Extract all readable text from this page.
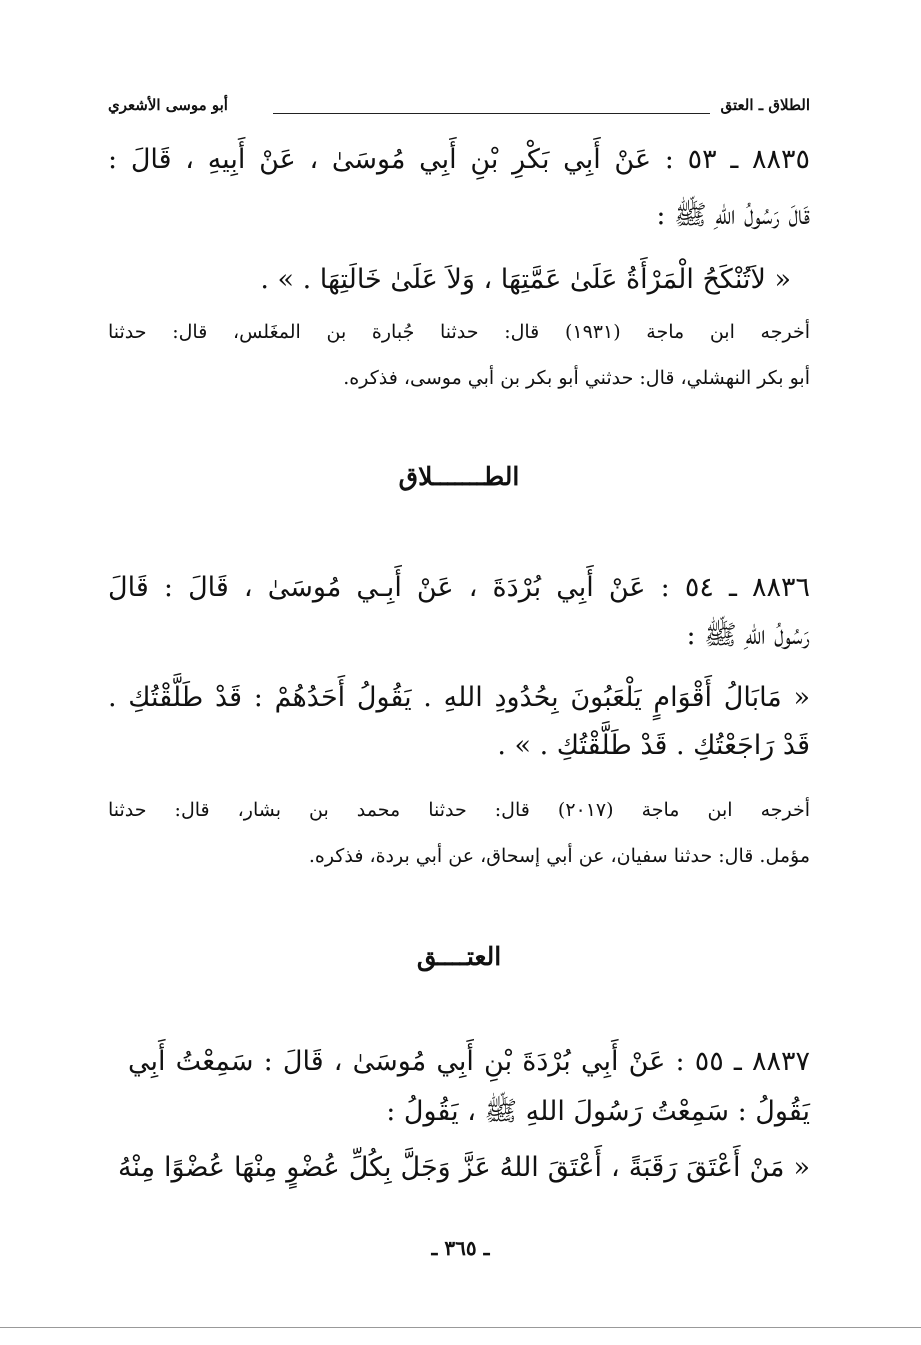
الطلاق ـ العتق
أبو موسى الأشعري
٨٨٣٥ ـ ٥٣ : عَنْ أَبِي بَكْرِ بْنِ أَبِي مُوسَىٰ ، عَنْ أَبِيهِ ، قَالَ :
قَالَ رَسُولُ اللهِ ﷺ :
« لاَتُنْكَحُ الْمَرْأَةُ عَلَىٰ عَمَّتِهَا ، وَلاَ عَلَىٰ خَالَتِهَا . » .
أخرجه ابن ماجة (١٩٣١) قال: حدثنا جُبارة بن المغَلس، قال: حدثنا
أبو بكر النهشلي، قال: حدثني أبو بكر بن أبي موسى، فذكره.
الطـــــــلاق
٨٨٣٦ ـ ٥٤ : عَنْ أَبِي بُرْدَةَ ، عَنْ أَبِـي مُوسَىٰ ، قَالَ : قَالَ
رَسُولُ اللهِ ﷺ :
« مَابَالُ أَقْوَامٍ يَلْعَبُونَ بِحُدُودِ اللهِ . يَقُولُ أَحَدُهُمْ : قَدْ طَلَّقْتُكِ .
قَدْ رَاجَعْتُكِ . قَدْ طَلَّقْتُكِ . » .
أخرجه ابن ماجة (٢٠١٧) قال: حدثنا محمد بن بشار، قال: حدثنا
مؤمل. قال: حدثنا سفيان، عن أبي إسحاق، عن أبي بردة، فذكره.
العتــــق
٨٨٣٧ ـ ٥٥ : عَنْ أَبِي بُرْدَةَ بْنِ أَبِي مُوسَىٰ ، قَالَ : سَمِعْتُ أَبِي
يَقُولُ : سَمِعْتُ رَسُولَ اللهِ ﷺ ، يَقُولُ :
« مَنْ أَعْتَقَ رَقَبَةً ، أَعْتَقَ اللهُ عَزَّ وَجَلَّ بِكُلِّ عُضْوٍ مِنْهَا عُضْوًا مِنْهُ
ـ ٣٦٥ ـ
